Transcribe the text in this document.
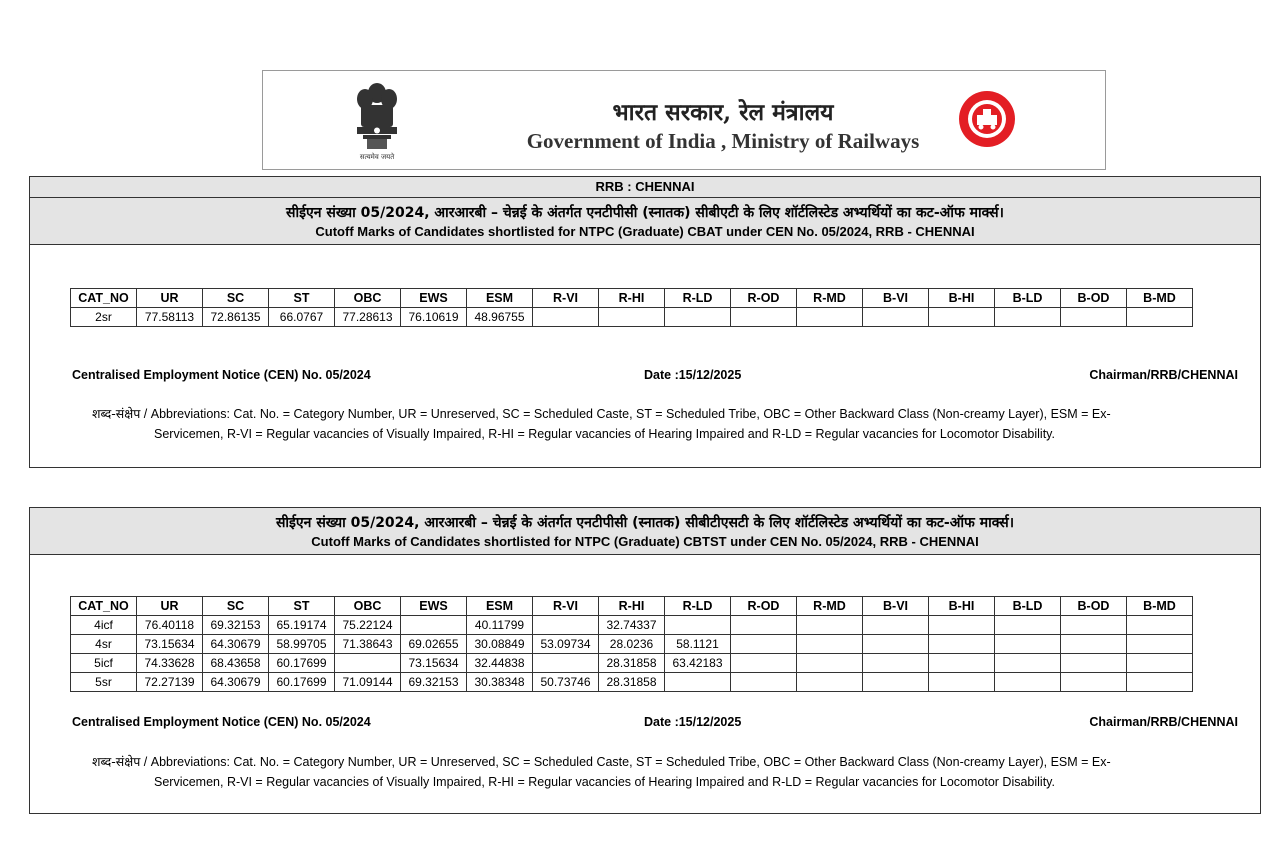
सत्यमेव जयते
भारत सरकार, रेल मंत्रालय
Government of India , Ministry of Railways
RRB : CHENNAI
सीईएन संख्या 05/2024, आरआरबी – चेन्नई के अंतर्गत एनटीपीसी (स्नातक) सीबीएटी के लिए शॉर्टलिस्टेड अभ्यर्थियों का कट-ऑफ मार्क्स।
Cutoff Marks of Candidates shortlisted for NTPC (Graduate) CBAT under CEN No. 05/2024, RRB - CHENNAI
CAT_NO	UR	SC	ST	OBC	EWS	ESM	R-VI	R-HI	R-LD	R-OD	R-MD	B-VI	B-HI	B-LD	B-OD	B-MD
2sr	77.58113	72.86135	66.0767	77.28613	76.10619	48.96755										
Centralised Employment Notice (CEN) No. 05/2024	Date :15/12/2025	Chairman/RRB/CHENNAI
शब्द-संक्षेप / Abbreviations: Cat. No. = Category Number, UR = Unreserved, SC = Scheduled Caste, ST = Scheduled Tribe, OBC = Other Backward Class (Non-creamy Layer), ESM = Ex-
Servicemen, R-VI = Regular vacancies of Visually Impaired, R-HI = Regular vacancies of Hearing Impaired and R-LD = Regular vacancies for Locomotor Disability.
सीईएन संख्या 05/2024, आरआरबी – चेन्नई के अंतर्गत एनटीपीसी (स्नातक) सीबीटीएसटी के लिए शॉर्टलिस्टेड अभ्यर्थियों का कट-ऑफ मार्क्स।
Cutoff Marks of Candidates shortlisted for NTPC (Graduate) CBTST under CEN No. 05/2024, RRB - CHENNAI
CAT_NO	UR	SC	ST	OBC	EWS	ESM	R-VI	R-HI	R-LD	R-OD	R-MD	B-VI	B-HI	B-LD	B-OD	B-MD
4icf	76.40118	69.32153	65.19174	75.22124		40.11799		32.74337								
4sr	73.15634	64.30679	58.99705	71.38643	69.02655	30.08849	53.09734	28.0236	58.1121							
5icf	74.33628	68.43658	60.17699		73.15634	32.44838		28.31858	63.42183							
5sr	72.27139	64.30679	60.17699	71.09144	69.32153	30.38348	50.73746	28.31858								
Centralised Employment Notice (CEN) No. 05/2024	Date :15/12/2025	Chairman/RRB/CHENNAI
शब्द-संक्षेप / Abbreviations: Cat. No. = Category Number, UR = Unreserved, SC = Scheduled Caste, ST = Scheduled Tribe, OBC = Other Backward Class (Non-creamy Layer), ESM = Ex-
Servicemen, R-VI = Regular vacancies of Visually Impaired, R-HI = Regular vacancies of Hearing Impaired and R-LD = Regular vacancies for Locomotor Disability.
